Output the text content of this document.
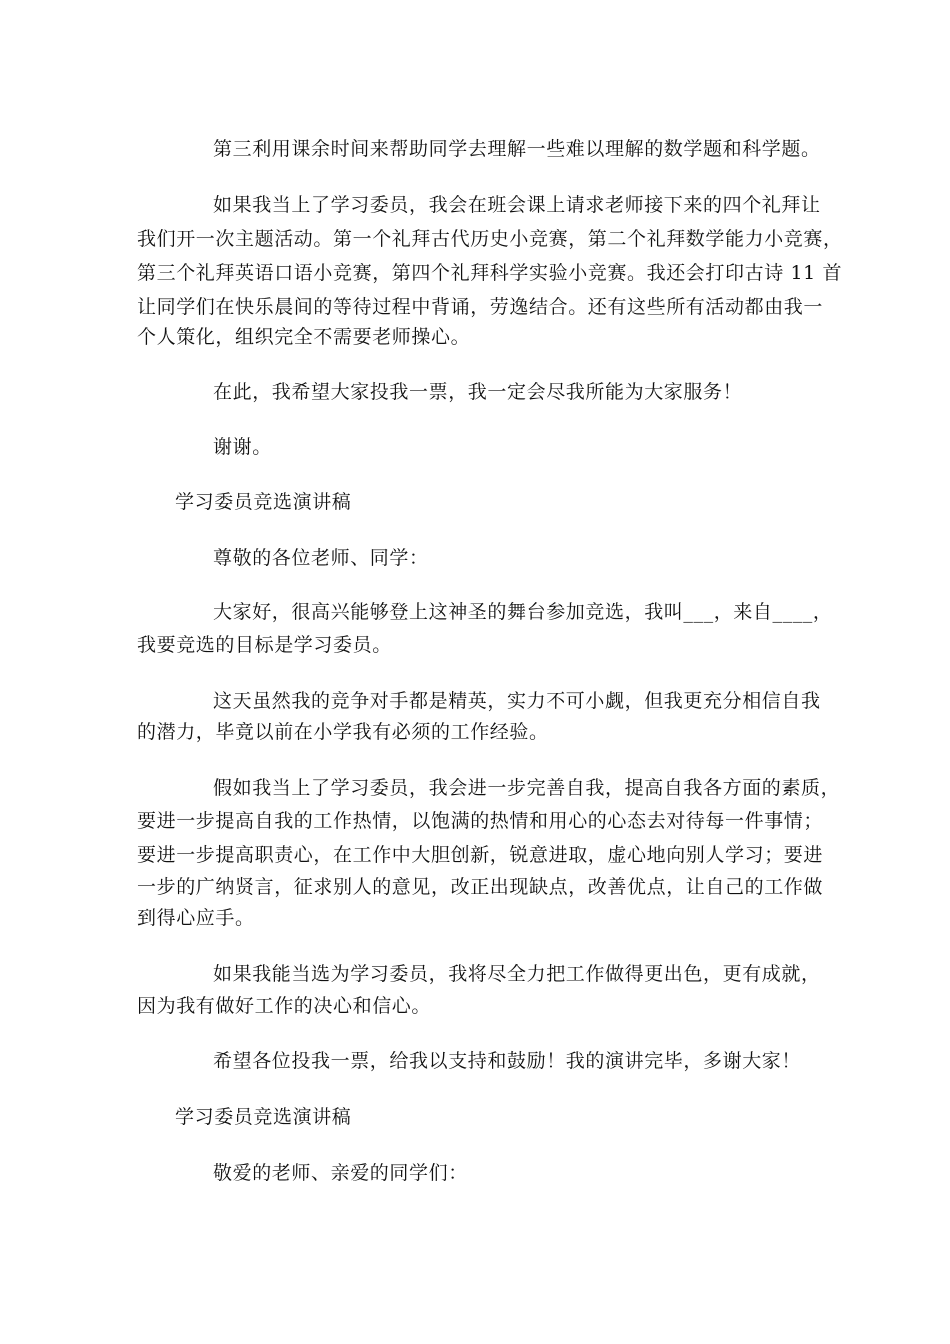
第三利用课余时间来帮助同学去理解一些难以理解的数学题和科学题。
如果我当上了学习委员，我会在班会课上请求老师接下来的四个礼拜让
我们开一次主题活动。第一个礼拜古代历史小竞赛，第二个礼拜数学能力小竞赛，
第三个礼拜英语口语小竞赛，第四个礼拜科学实验小竞赛。我还会打印古诗 11 首
让同学们在快乐晨间的等待过程中背诵，劳逸结合。还有这些所有活动都由我一
个人策化，组织完全不需要老师操心。
在此，我希望大家投我一票，我一定会尽我所能为大家服务！
谢谢。
学习委员竞选演讲稿
尊敬的各位老师、同学：
大家好，很高兴能够登上这神圣的舞台参加竞选，我叫___，来自____，
我要竞选的目标是学习委员。
这天虽然我的竞争对手都是精英，实力不可小觑，但我更充分相信自我
的潜力，毕竟以前在小学我有必须的工作经验。
假如我当上了学习委员，我会进一步完善自我，提高自我各方面的素质，
要进一步提高自我的工作热情，以饱满的热情和用心的心态去对待每一件事情；
要进一步提高职责心，在工作中大胆创新，锐意进取，虚心地向别人学习；要进
一步的广纳贤言，征求别人的意见，改正出现缺点，改善优点，让自己的工作做
到得心应手。
如果我能当选为学习委员，我将尽全力把工作做得更出色，更有成就，
因为我有做好工作的决心和信心。
希望各位投我一票，给我以支持和鼓励！我的演讲完毕，多谢大家！
学习委员竞选演讲稿
敬爱的老师、亲爱的同学们：
